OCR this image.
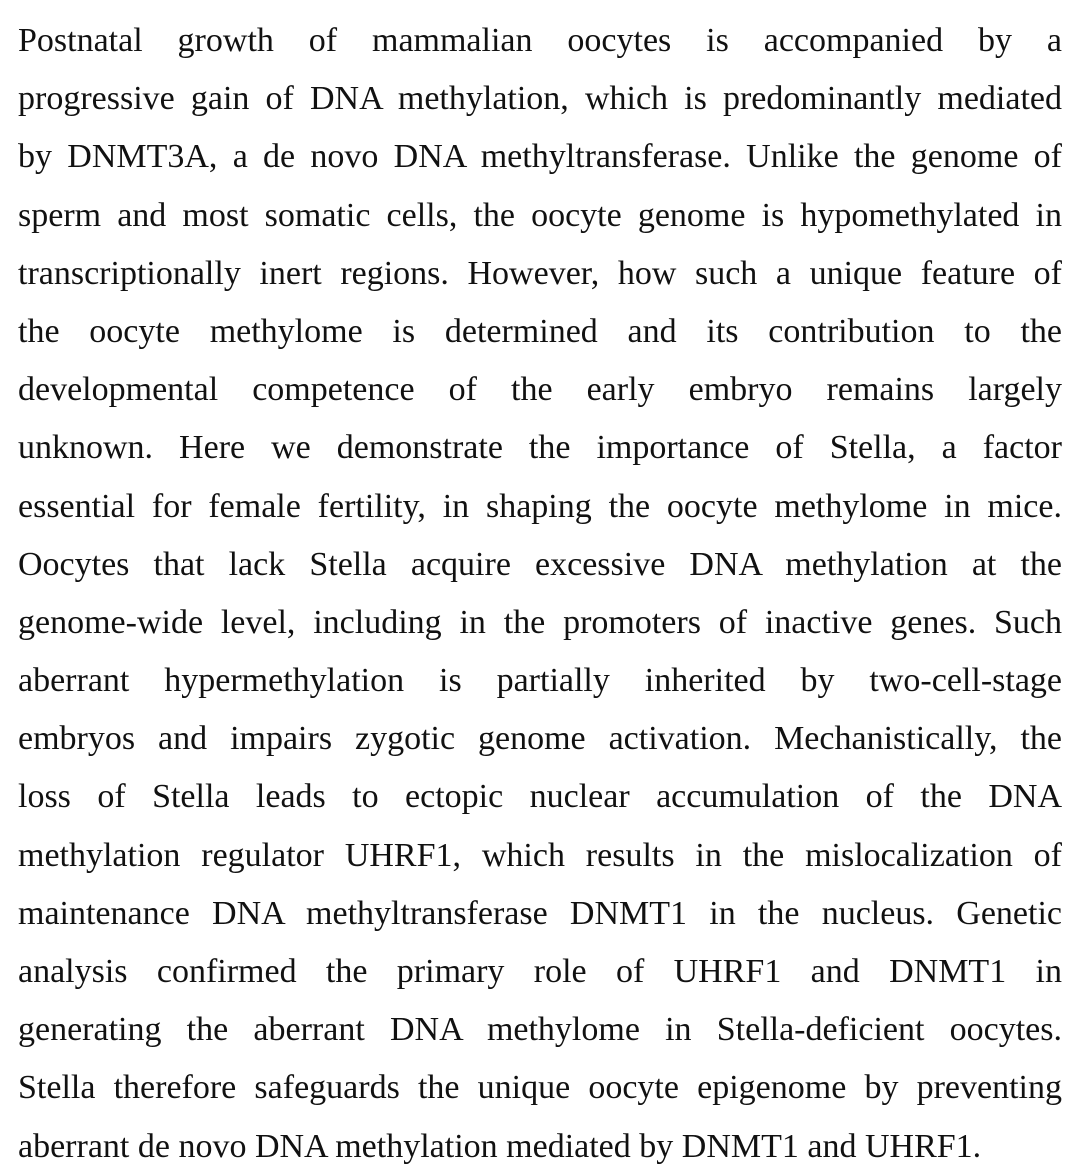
Postnatal growth of mammalian oocytes is accompanied by a
progressive gain of DNA methylation, which is predominantly mediated
by DNMT3A, a de novo DNA methyltransferase. Unlike the genome of
sperm and most somatic cells, the oocyte genome is hypomethylated in
transcriptionally inert regions. However, how such a unique feature of
the oocyte methylome is determined and its contribution to the
developmental competence of the early embryo remains largely
unknown. Here we demonstrate the importance of Stella, a factor
essential for female fertility, in shaping the oocyte methylome in mice.
Oocytes that lack Stella acquire excessive DNA methylation at the
genome-wide level, including in the promoters of inactive genes. Such
aberrant hypermethylation is partially inherited by two-cell-stage
embryos and impairs zygotic genome activation. Mechanistically, the
loss of Stella leads to ectopic nuclear accumulation of the DNA
methylation regulator UHRF1, which results in the mislocalization of
maintenance DNA methyltransferase DNMT1 in the nucleus. Genetic
analysis confirmed the primary role of UHRF1 and DNMT1 in
generating the aberrant DNA methylome in Stella-deficient oocytes.
Stella therefore safeguards the unique oocyte epigenome by preventing
aberrant de novo DNA methylation mediated by DNMT1 and UHRF1.
